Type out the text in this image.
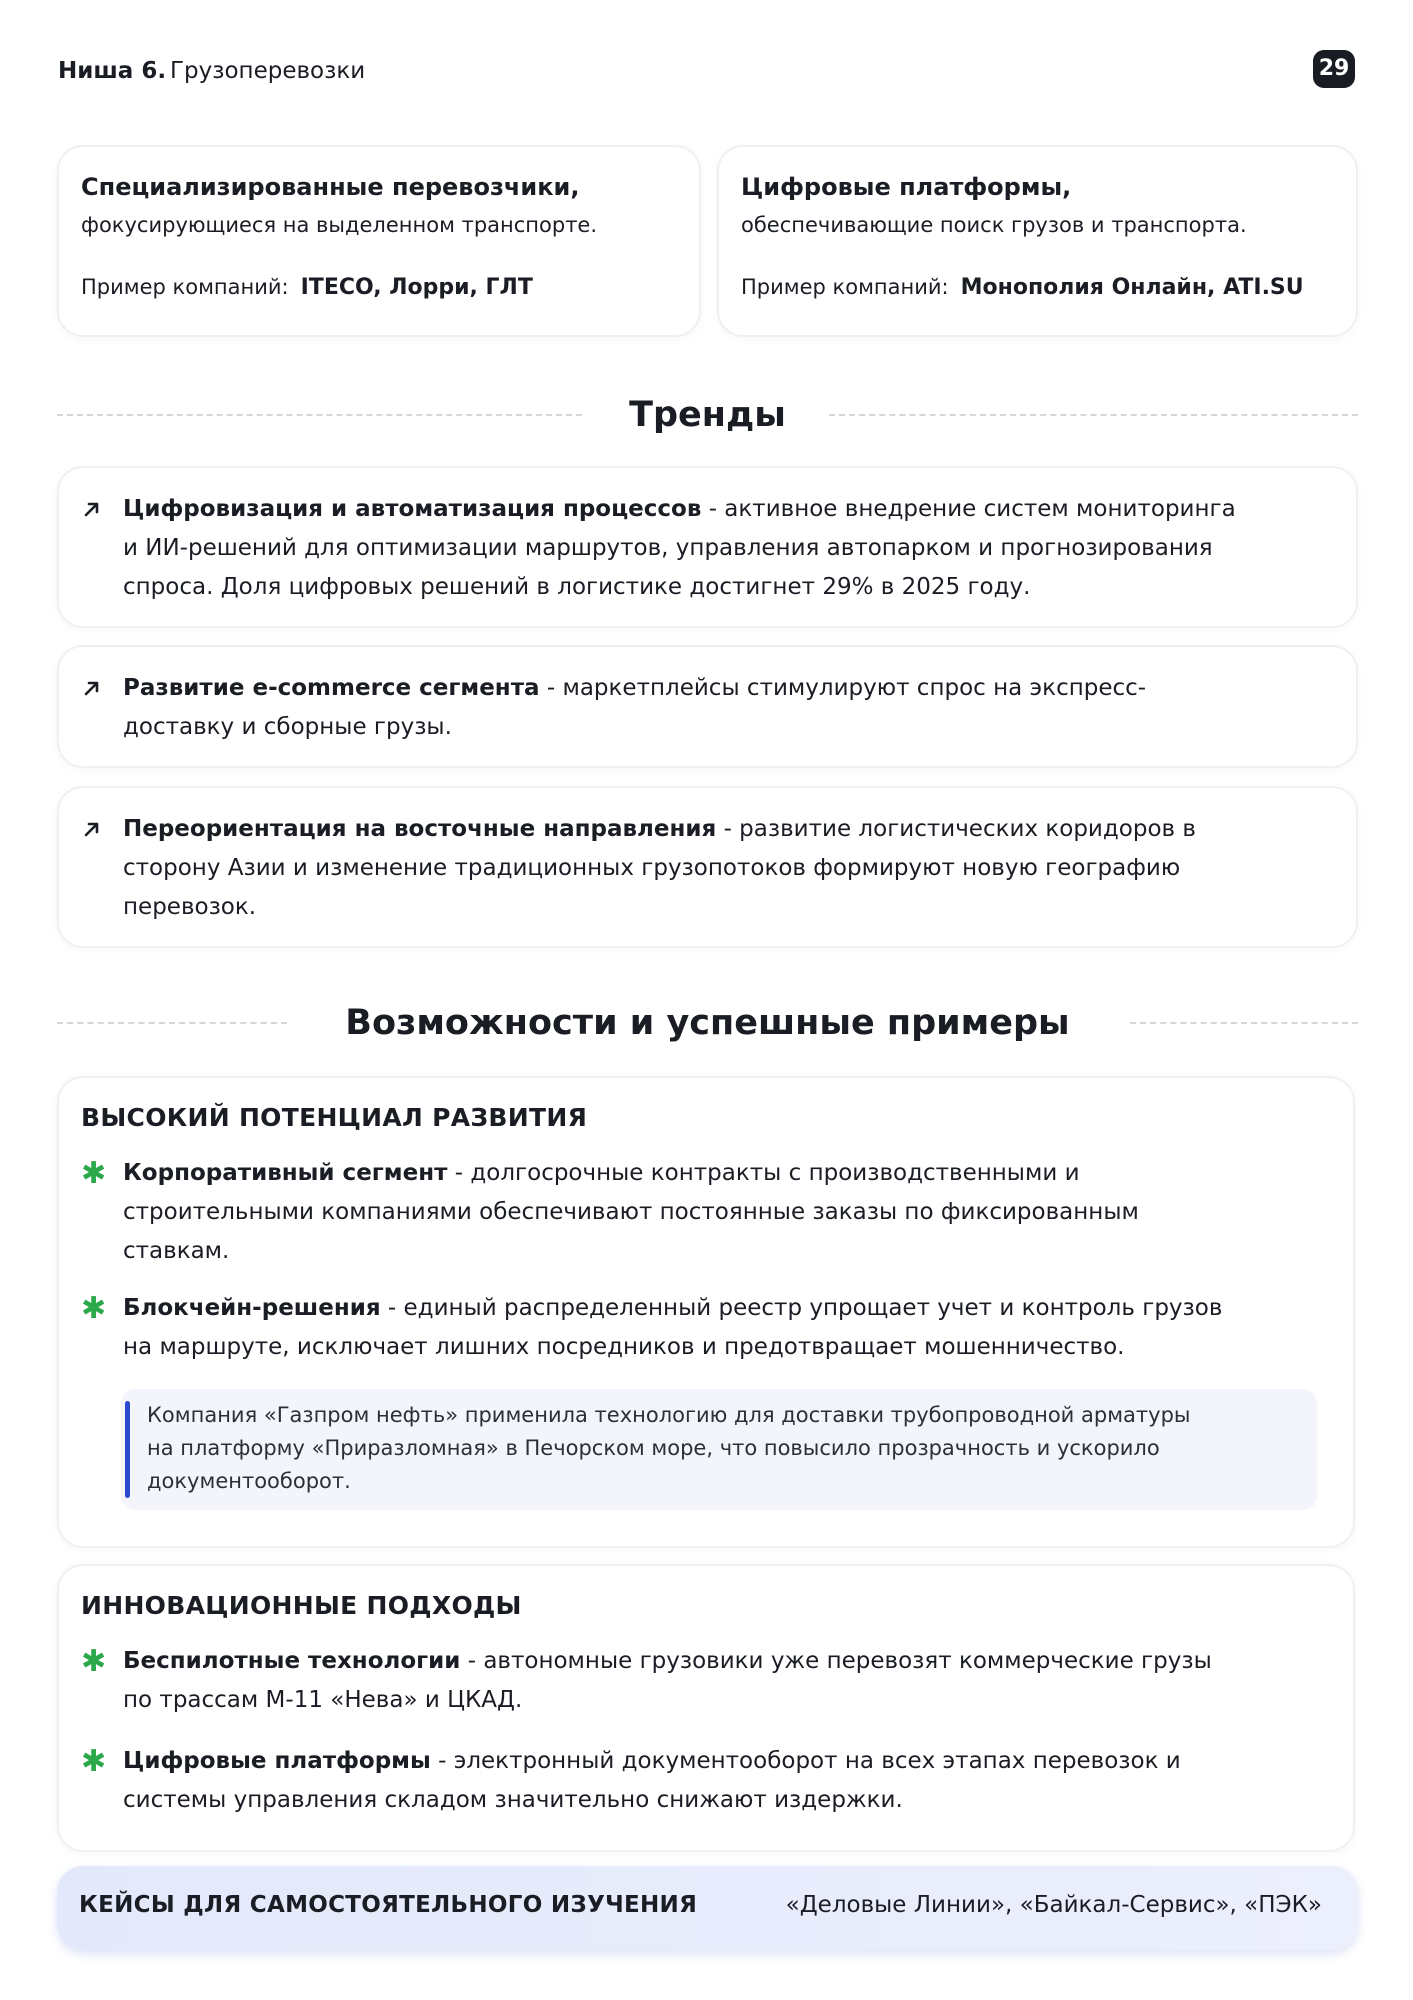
Ниша 6. Грузоперевозки	29
Специализированные перевозчики,
фокусирующиеся на выделенном транспорте.
Пример компаний: ITECO, Лорри, ГЛТ
Цифровые платформы,
обеспечивающие поиск грузов и транспорта.
Пример компаний: Монополия Онлайн, ATI.SU
Тренды
Цифровизация и автоматизация процессов - активное внедрение систем мониторинга
и ИИ-решений для оптимизации маршрутов, управления автопарком и прогнозирования
спроса. Доля цифровых решений в логистике достигнет 29% в 2025 году.
Развитие e-commerce сегмента - маркетплейсы стимулируют спрос на экспресс-
доставку и сборные грузы.
Переориентация на восточные направления - развитие логистических коридоров в
сторону Азии и изменение традиционных грузопотоков формируют новую географию
перевозок.
Возможности и успешные примеры
ВЫСОКИЙ ПОТЕНЦИАЛ РАЗВИТИЯ
✱ Корпоративный сегмент - долгосрочные контракты с производственными и
строительными компаниями обеспечивают постоянные заказы по фиксированным
ставкам.
✱ Блокчейн-решения - единый распределенный реестр упрощает учет и контроль грузов
на маршруте, исключает лишних посредников и предотвращает мошенничество.
Компания «Газпром нефть» применила технологию для доставки трубопроводной арматуры
на платформу «Приразломная» в Печорском море, что повысило прозрачность и ускорило
документооборот.
ИННОВАЦИОННЫЕ ПОДХОДЫ
✱ Беспилотные технологии - автономные грузовики уже перевозят коммерческие грузы
по трассам М-11 «Нева» и ЦКАД.
✱ Цифровые платформы - электронный документооборот на всех этапах перевозок и
системы управления складом значительно снижают издержки.
КЕЙСЫ ДЛЯ САМОСТОЯТЕЛЬНОГО ИЗУЧЕНИЯ	«Деловые Линии», «Байкал-Сервис», «ПЭК»
